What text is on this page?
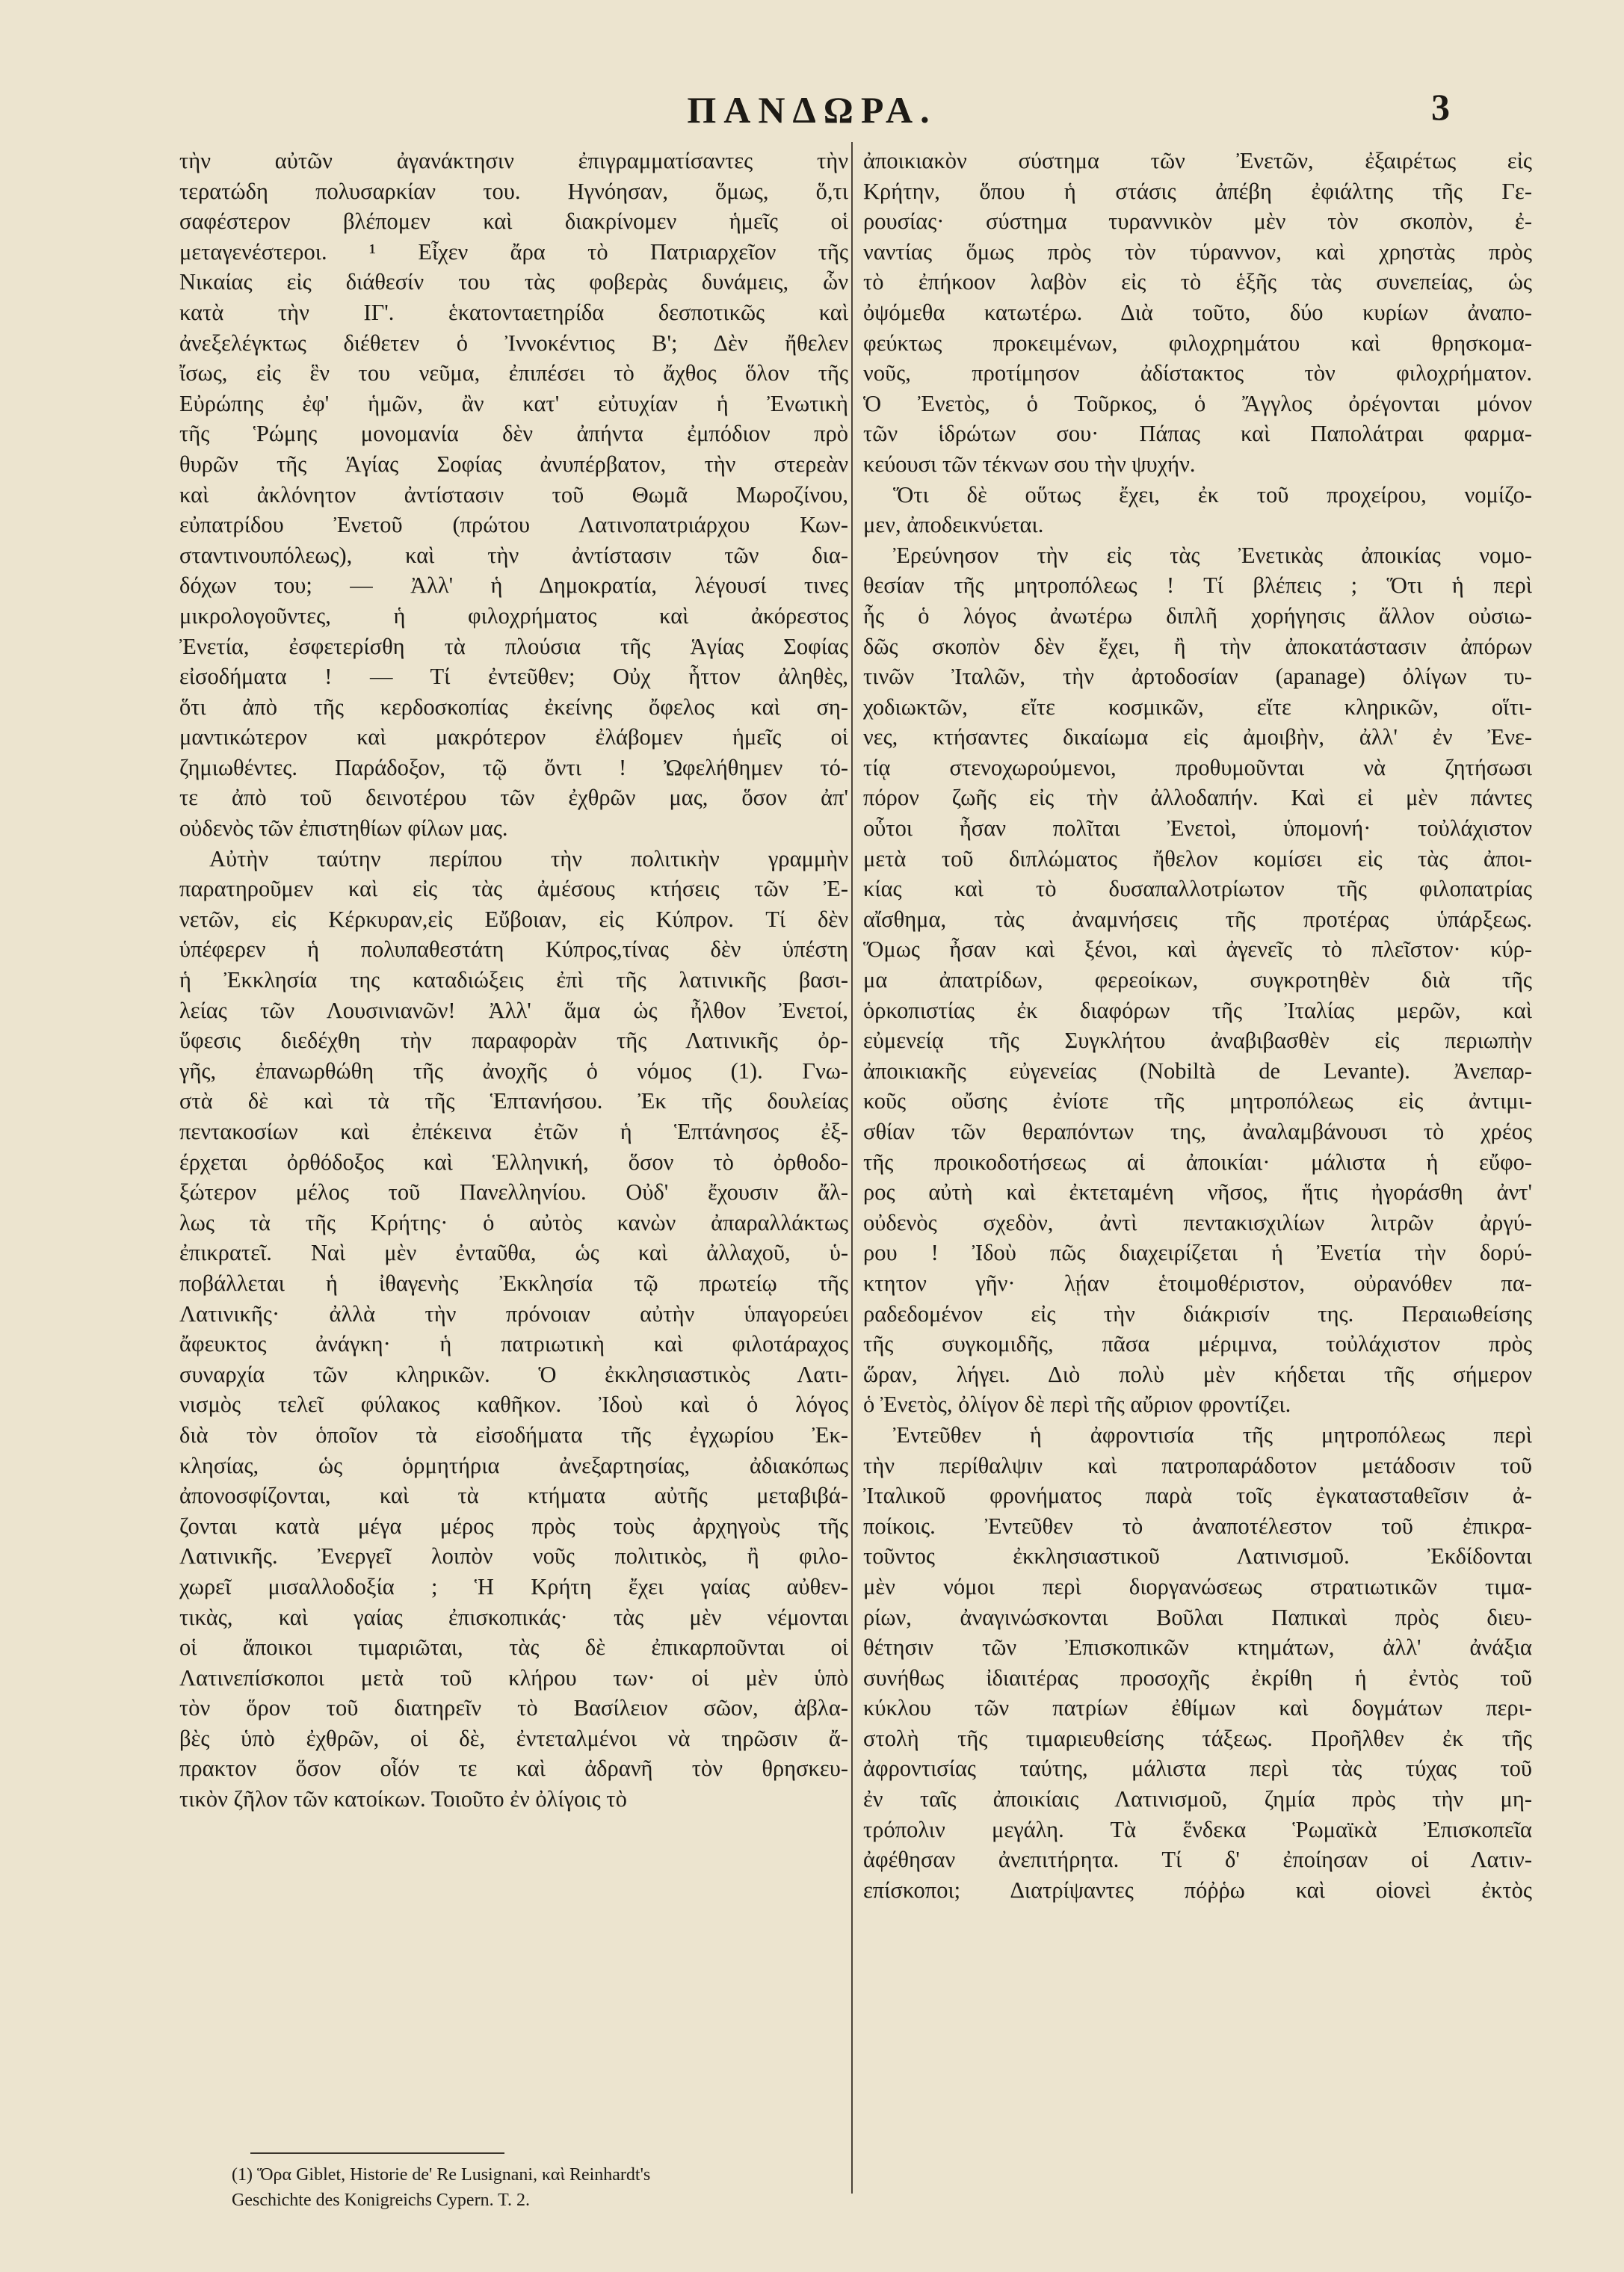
ΠΑΝΔΩΡΑ.	3
τὴν αὐτῶν ἀγανάκτησιν ἐπιγραμματίσαντες τὴν
τερατώδη πολυσαρκίαν του. Ηγνόησαν, ὅμως, ὅ,τι
σαφέστερον βλέπομεν καὶ διακρίνομεν ἡμεῖς οἱ
μεταγενέστεροι. ¹ Εἶχεν ἄρα τὸ Πατριαρχεῖον τῆς
Νικαίας εἰς διάθεσίν του τὰς φοβερὰς δυνάμεις, ὧν
κατὰ τὴν ΙΓ'. ἑκατονταετηρίδα δεσποτικῶς καὶ
ἀνεξελέγκτως διέθετεν ὁ Ἰννοκέντιος Β'; Δὲν ἤθελεν
ἴσως, εἰς ἓν του νεῦμα, ἐπιπέσει τὸ ἄχθος ὅλον τῆς
Εὐρώπης ἐφ' ἡμῶν, ἂν κατ' εὐτυχίαν ἡ Ἐνωτικὴ
τῆς Ῥώμης μονομανία δὲν ἀπήντα ἐμπόδιον πρὸ
θυρῶν τῆς Ἁγίας Σοφίας ἀνυπέρβατον, τὴν στερεὰν
καὶ ἀκλόνητον ἀντίστασιν τοῦ Θωμᾶ Μωροζίνου,
εὐπατρίδου Ἐνετοῦ (πρώτου Λατινοπατριάρχου Κων-
σταντινουπόλεως), καὶ τὴν ἀντίστασιν τῶν δια-
δόχων του; — Ἀλλ' ἡ Δημοκρατία, λέγουσί τινες
μικρολογοῦντες, ἡ φιλοχρήματος καὶ ἀκόρεστος
Ἐνετία, ἐσφετερίσθη τὰ πλούσια τῆς Ἁγίας Σοφίας
εἰσοδήματα ! — Τί ἐντεῦθεν; Οὐχ ἧττον ἀληθὲς,
ὅτι ἀπὸ τῆς κερδοσκοπίας ἐκείνης ὄφελος καὶ ση-
μαντικώτερον καὶ μακρότερον ἐλάβομεν ἡμεῖς οἱ
ζημιωθέντες. Παράδοξον, τῷ ὄντι ! Ὠφελήθημεν τό-
τε ἀπὸ τοῦ δεινοτέρου τῶν ἐχθρῶν μας, ὅσον ἀπ'
οὐδενὸς τῶν ἐπιστηθίων φίλων μας.
Αὐτὴν ταύτην περίπου τὴν πολιτικὴν γραμμὴν
παρατηροῦμεν καὶ εἰς τὰς ἀμέσους κτήσεις τῶν Ἐ-
νετῶν, εἰς Κέρκυραν,εἰς Εὔβοιαν, εἰς Κύπρον. Τί δὲν
ὑπέφερεν ἡ πολυπαθεστάτη Κύπρος,τίνας δὲν ὑπέστη
ἡ Ἐκκλησία της καταδιώξεις ἐπὶ τῆς λατινικῆς βασι-
λείας τῶν Λουσινιανῶν! Ἀλλ' ἅμα ὡς ἦλθον Ἐνετοί,
ὕφεσις διεδέχθη τὴν παραφορὰν τῆς Λατινικῆς ὀρ-
γῆς, ἐπανωρθώθη τῆς ἀνοχῆς ὁ νόμος (1). Γνω-
στὰ δὲ καὶ τὰ τῆς Ἑπτανήσου. Ἐκ τῆς δουλείας
πεντακοσίων καὶ ἐπέκεινα ἐτῶν ἡ Ἑπτάνησος ἐξ-
έρχεται ὀρθόδοξος καὶ Ἑλληνική, ὅσον τὸ ὀρθοδο-
ξώτερον μέλος τοῦ Πανελληνίου. Οὐδ' ἔχουσιν ἄλ-
λως τὰ τῆς Κρήτης· ὁ αὐτὸς κανὼν ἀπαραλλάκτως
ἐπικρατεῖ. Ναὶ μὲν ἐνταῦθα, ὡς καὶ ἀλλαχοῦ, ὑ-
ποβάλλεται ἡ ἰθαγενὴς Ἐκκλησία τῷ πρωτείῳ τῆς
Λατινικῆς· ἀλλὰ τὴν πρόνοιαν αὐτὴν ὑπαγορεύει
ἄφευκτος ἀνάγκη· ἡ πατριωτικὴ καὶ φιλοτάραχος
συναρχία τῶν κληρικῶν. Ὁ ἐκκλησιαστικὸς Λατι-
νισμὸς τελεῖ φύλακος καθῆκον. Ἰδοὺ καὶ ὁ λόγος
διὰ τὸν ὁποῖον τὰ εἰσοδήματα τῆς ἐγχωρίου Ἐκ-
κλησίας, ὡς ὁρμητήρια ἀνεξαρτησίας, ἀδιακόπως
ἀπονοσφίζονται, καὶ τὰ κτήματα αὐτῆς μεταβιβά-
ζονται κατὰ μέγα μέρος πρὸς τοὺς ἀρχηγοὺς τῆς
Λατινικῆς. Ἐνεργεῖ λοιπὸν νοῦς πολιτικὸς, ἢ φιλο-
χωρεῖ μισαλλοδοξία ; Ἡ Κρήτη ἔχει γαίας αὐθεν-
τικὰς, καὶ γαίας ἐπισκοπικάς· τὰς μὲν νέμονται
οἱ ἄποικοι τιμαριῶται, τὰς δὲ ἐπικαρποῦνται οἱ
Λατινεπίσκοποι μετὰ τοῦ κλήρου των· οἱ μὲν ὑπὸ
τὸν ὅρον τοῦ διατηρεῖν τὸ Βασίλειον σῶον, ἀβλα-
βὲς ὑπὸ ἐχθρῶν, οἱ δὲ, ἐντεταλμένοι νὰ τηρῶσιν ἄ-
πρακτον ὅσον οἷόν τε καὶ ἀδρανῆ τὸν θρησκευ-
τικὸν ζῆλον τῶν κατοίκων. Τοιοῦτο ἐν ὀλίγοις τὸ
ἀποικιακὸν σύστημα τῶν Ἐνετῶν, ἐξαιρέτως εἰς
Κρήτην, ὅπου ἡ στάσις ἀπέβη ἐφιάλτης τῆς Γε-
ρουσίας· σύστημα τυραννικὸν μὲν τὸν σκοπὸν, ἐ-
ναντίας ὅμως πρὸς τὸν τύραννον, καὶ χρηστὰς πρὸς
τὸ ἐπήκοον λαβὸν εἰς τὸ ἑξῆς τὰς συνεπείας, ὡς
ὀψόμεθα κατωτέρω. Διὰ τοῦτο, δύο κυρίων ἀναπο-
φεύκτως προκειμένων, φιλοχρημάτου καὶ θρησκομα-
νοῦς, προτίμησον ἀδίστακτος τὸν φιλοχρήματον.
Ὁ Ἐνετὸς, ὁ Τοῦρκος, ὁ Ἄγγλος ὀρέγονται μόνον
τῶν ἱδρώτων σου· Πάπας καὶ Παπολάτραι φαρμα-
κεύουσι τῶν τέκνων σου τὴν ψυχήν.
Ὅτι δὲ οὕτως ἔχει, ἐκ τοῦ προχείρου, νομίζο-
μεν, ἀποδεικνύεται.
Ἐρεύνησον τὴν εἰς τὰς Ἐνετικὰς ἀποικίας νομο-
θεσίαν τῆς μητροπόλεως ! Τί βλέπεις ; Ὅτι ἡ περὶ
ἧς ὁ λόγος ἀνωτέρω διπλῆ χορήγησις ἄλλον οὐσιω-
δῶς σκοπὸν δὲν ἔχει, ἢ τὴν ἀποκατάστασιν ἀπόρων
τινῶν Ἰταλῶν, τὴν ἀρτοδοσίαν (apanage) ὀλίγων τυ-
χοδιωκτῶν, εἴτε κοσμικῶν, εἴτε κληρικῶν, οἵτι-
νες, κτήσαντες δικαίωμα εἰς ἀμοιβὴν, ἀλλ' ἐν Ἐνε-
τίᾳ στενοχωρούμενοι, προθυμοῦνται νὰ ζητήσωσι
πόρον ζωῆς εἰς τὴν ἀλλοδαπήν. Καὶ εἰ μὲν πάντες
οὗτοι ἦσαν πολῖται Ἐνετοὶ, ὑπομονή· τοὐλάχιστον
μετὰ τοῦ διπλώματος ἤθελον κομίσει εἰς τὰς ἀποι-
κίας καὶ τὸ δυσαπαλλοτρίωτον τῆς φιλοπατρίας
αἴσθημα, τὰς ἀναμνήσεις τῆς προτέρας ὑπάρξεως.
Ὅμως ἦσαν καὶ ξένοι, καὶ ἀγενεῖς τὸ πλεῖστον· κύρ-
μα ἀπατρίδων, φερεοίκων, συγκροτηθὲν διὰ τῆς
ὁρκοπιστίας ἐκ διαφόρων τῆς Ἰταλίας μερῶν, καὶ
εὐμενείᾳ τῆς Συγκλήτου ἀναβιβασθὲν εἰς περιωπὴν
ἀποικιακῆς εὐγενείας (Nobiltà de Levante). Ἀνεπαρ-
κοῦς οὔσης ἐνίοτε τῆς μητροπόλεως εἰς ἀντιμι-
σθίαν τῶν θεραπόντων της, ἀναλαμβάνουσι τὸ χρέος
τῆς προικοδοτήσεως αἱ ἀποικίαι· μάλιστα ἡ εὔφο-
ρος αὐτὴ καὶ ἐκτεταμένη νῆσος, ἥτις ἠγοράσθη ἀντ'
οὐδενὸς σχεδὸν, ἀντὶ πεντακισχιλίων λιτρῶν ἀργύ-
ρου ! Ἰδοὺ πῶς διαχειρίζεται ἡ Ἐνετία τὴν δορύ-
κτητον γῆν· λῄαν ἑτοιμοθέριστον, οὐρανόθεν πα-
ραδεδομένον εἰς τὴν διάκρισίν της. Περαιωθείσης
τῆς συγκομιδῆς, πᾶσα μέριμνα, τοὐλάχιστον πρὸς
ὥραν, λήγει. Διὸ πολὺ μὲν κήδεται τῆς σήμερον
ὁ Ἐνετὸς, ὀλίγον δὲ περὶ τῆς αὔριον φροντίζει.
Ἐντεῦθεν ἡ ἀφροντισία τῆς μητροπόλεως περὶ
τὴν περίθαλψιν καὶ πατροπαράδοτον μετάδοσιν τοῦ
Ἰταλικοῦ φρονήματος παρὰ τοῖς ἐγκατασταθεῖσιν ἀ-
ποίκοις. Ἐντεῦθεν τὸ ἀναποτέλεστον τοῦ ἐπικρα-
τοῦντος ἐκκλησιαστικοῦ Λατινισμοῦ. Ἐκδίδονται
μὲν νόμοι περὶ διοργανώσεως στρατιωτικῶν τιμα-
ρίων, ἀναγινώσκονται Βοῦλαι Παπικαὶ πρὸς διευ-
θέτησιν τῶν Ἐπισκοπικῶν κτημάτων, ἀλλ' ἀνάξια
συνήθως ἰδιαιτέρας προσοχῆς ἐκρίθη ἡ ἐντὸς τοῦ
κύκλου τῶν πατρίων ἐθίμων καὶ δογμάτων περι-
στολὴ τῆς τιμαριευθείσης τάξεως. Προῆλθεν ἐκ τῆς
ἀφροντισίας ταύτης, μάλιστα περὶ τὰς τύχας τοῦ
ἐν ταῖς ἀποικίαις Λατινισμοῦ, ζημία πρὸς τὴν μη-
τρόπολιν μεγάλη. Τὰ ἕνδεκα Ῥωμαϊκὰ Ἐπισκοπεῖα
ἀφέθησαν ἀνεπιτήρητα. Τί δ' ἐποίησαν οἱ Λατιν-
επίσκοποι; Διατρίψαντες πόῤῥω καὶ οἱονεὶ ἐκτὸς
(1) Ὅρα Giblet, Historie de' Re Lusignani, καὶ Reinhardt's
Geschichte des Konigreichs Cypern. T. 2.
